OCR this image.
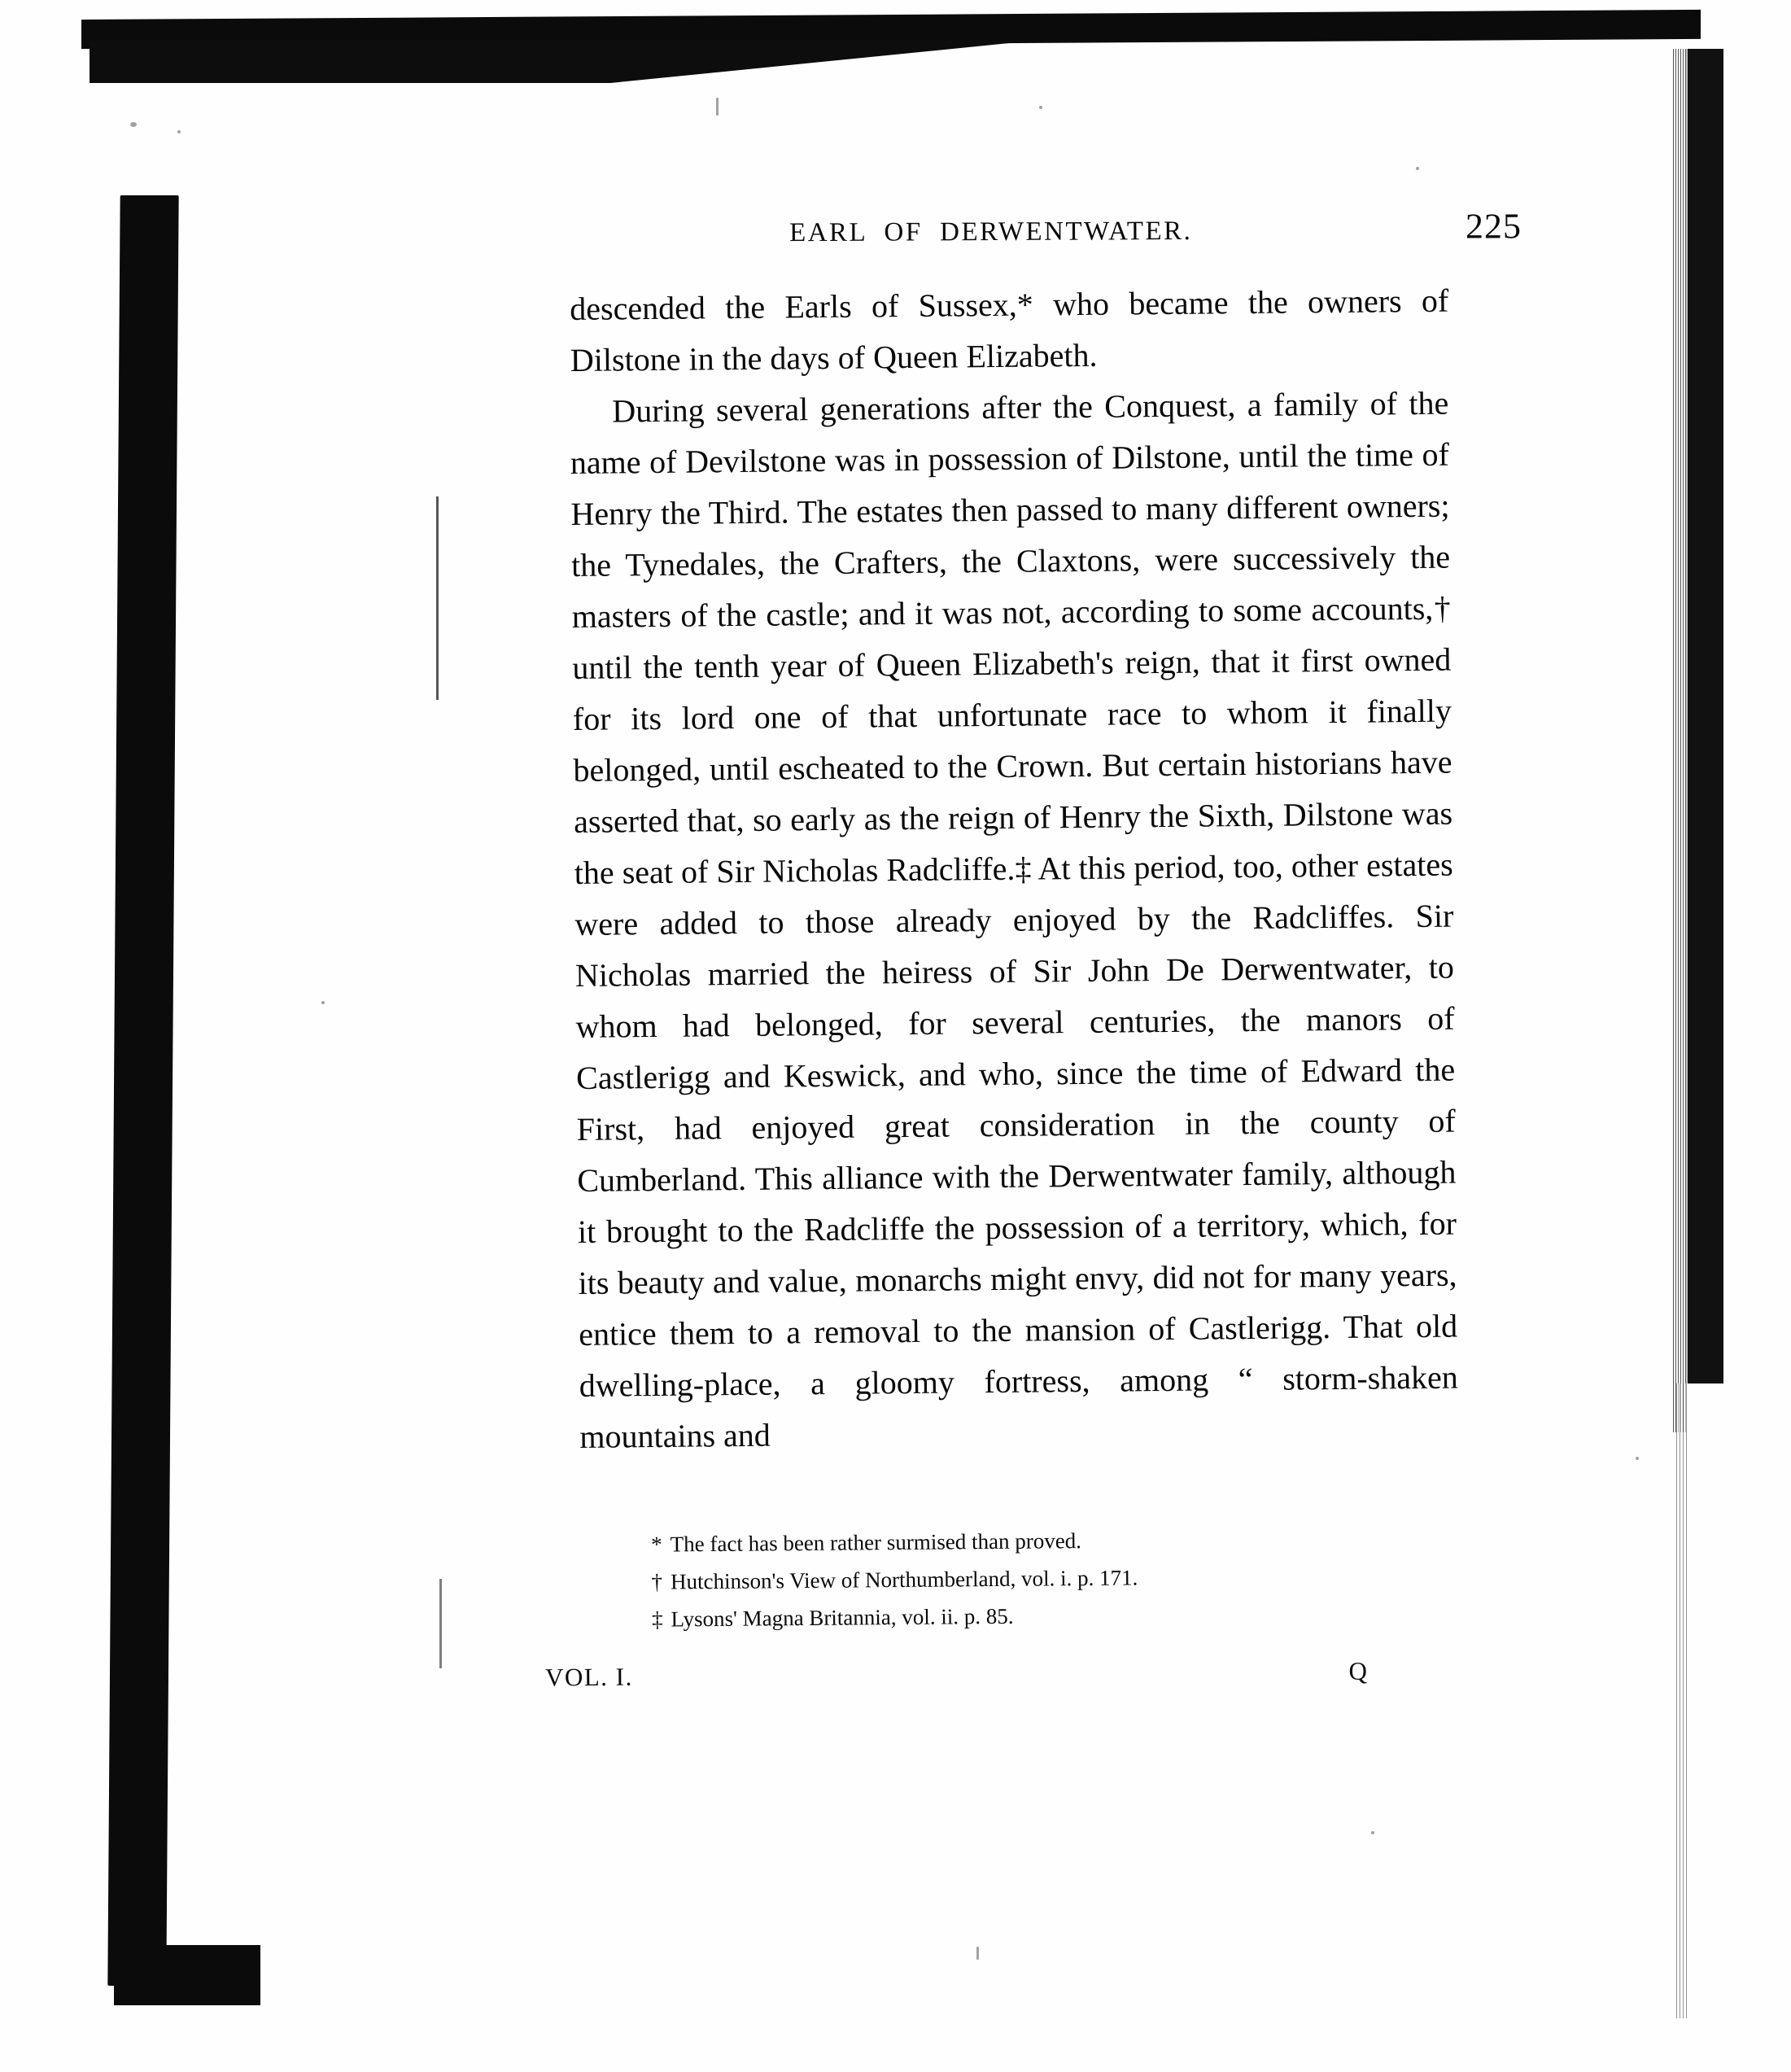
EARL  OF  DERWENTWATER.	225

descended the Earls of Sussex,* who became the owners of Dilstone in the days of Queen Elizabeth.

During several generations after the Conquest, a family of the name of Devilstone was in possession of Dilstone, until the time of Henry the Third. The estates then passed to many different owners; the Tynedales, the Crafters, the Claxtons, were successively the masters of the castle; and it was not, according to some accounts,† until the tenth year of Queen Elizabeth's reign, that it first owned for its lord one of that unfortunate race to whom it finally belonged, until escheated to the Crown. But certain historians have asserted that, so early as the reign of Henry the Sixth, Dilstone was the seat of Sir Nicholas Radcliffe.‡ At this period, too, other estates were added to those already enjoyed by the Radcliffes. Sir Nicholas married the heiress of Sir John De Derwentwater, to whom had belonged, for several centuries, the manors of Castlerigg and Keswick, and who, since the time of Edward the First, had enjoyed great consideration in the county of Cumberland. This alliance with the Derwentwater family, although it brought to the Radcliffe the possession of a territory, which, for its beauty and value, monarchs might envy, did not for many years, entice them to a removal to the mansion of Castlerigg. That old dwelling-place, a gloomy fortress, among “ storm-shaken mountains and

* The fact has been rather surmised than proved.
† Hutchinson's View of Northumberland, vol. i. p. 171.
‡ Lysons' Magna Britannia, vol. ii. p. 85.
VOL. I.	Q
